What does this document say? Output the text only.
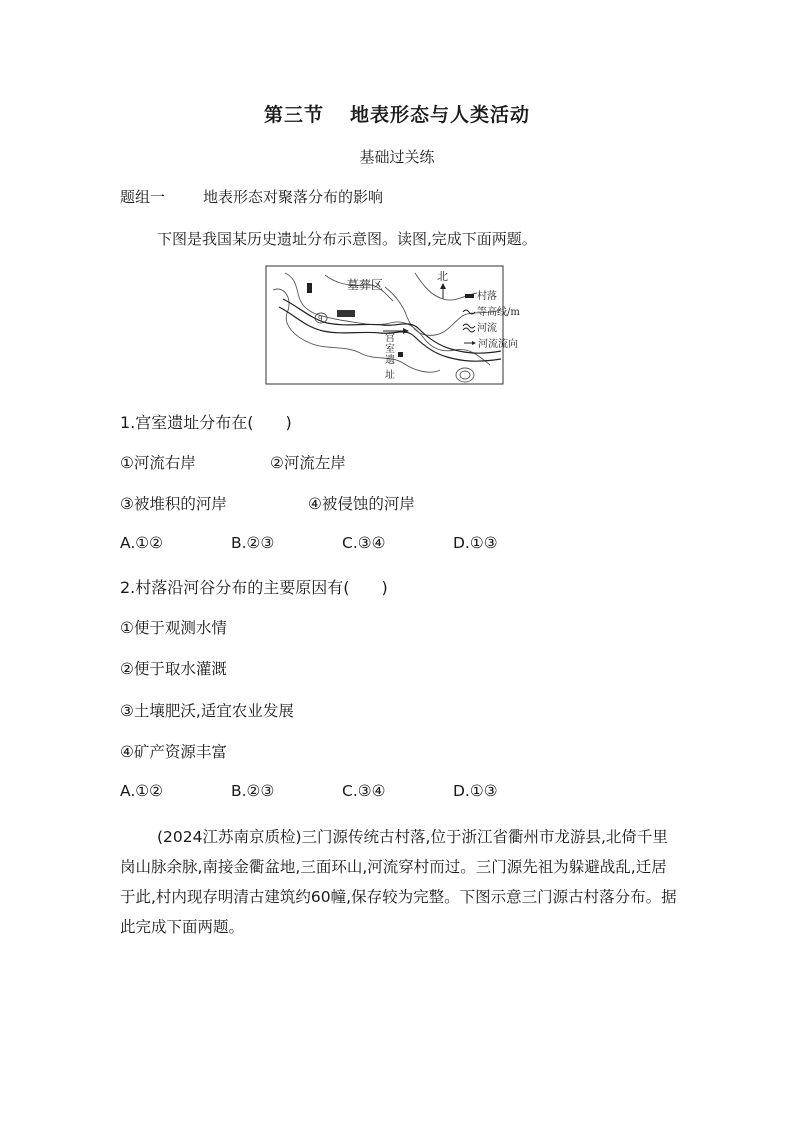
第三节 地表形态与人类活动
基础过关练
题组一	地表形态对聚落分布的影响
下图是我国某历史遗址分布示意图。读图,完成下面两题。
9
墓葬区
宫
室
遗
址
北
村落
等高线/m
河流
河流流向
1.宫室遗址分布在(　　)
①河流右岸	②河流左岸
③被堆积的河岸	④被侵蚀的河岸
A.①②	B.②③	C.③④	D.①③
2.村落沿河谷分布的主要原因有(　　)
①便于观测水情
②便于取水灌溉
③土壤肥沃,适宜农业发展
④矿产资源丰富
A.①②	B.②③	C.③④	D.①③
(2024江苏南京质检)三门源传统古村落,位于浙江省衢州市龙游县,北倚千里岗山脉余脉,南接金衢盆地,三面环山,河流穿村而过。三门源先祖为躲避战乱,迁居于此,村内现存明清古建筑约60幢,保存较为完整。下图示意三门源古村落分布。据此完成下面两题。
